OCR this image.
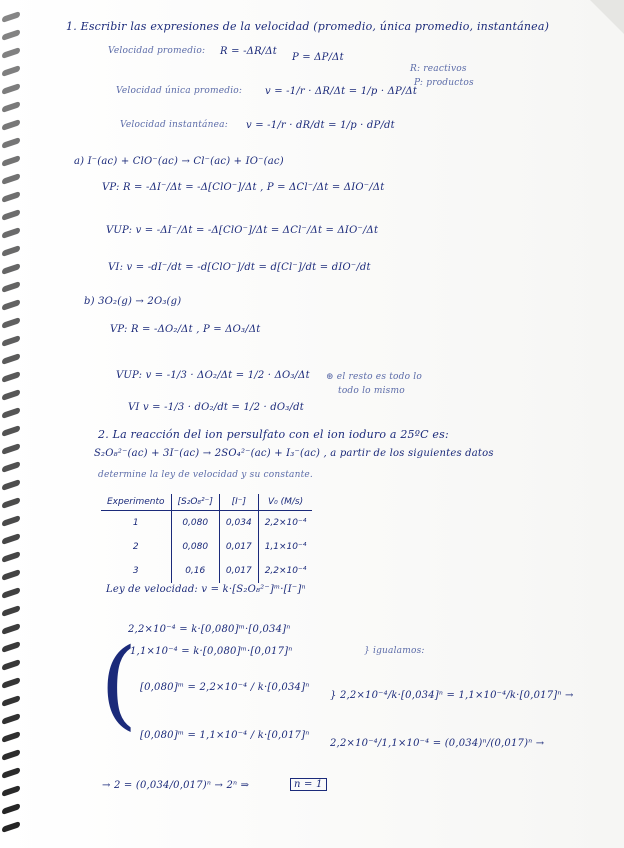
1. Escribir las expresiones de la velocidad (promedio, única promedio, instantánea)
Velocidad promedio: R = -ΔR/Δt
P = ΔP/Δt
R: reactivos
P: productos
Velocidad única promedio: v = -1/r · ΔR/Δt = 1/p · ΔP/Δt
Velocidad instantánea: v = -1/r · dR/dt = 1/p · dP/dt
a) I⁻(ac) + ClO⁻(ac) → Cl⁻(ac) + IO⁻(ac)
VP: R = -ΔI⁻/Δt = -Δ[ClO⁻]/Δt , P = ΔCl⁻/Δt = ΔIO⁻/Δt
VUP: v = -ΔI⁻/Δt = -Δ[ClO⁻]/Δt = ΔCl⁻/Δt = ΔIO⁻/Δt
VI: v = -dI⁻/dt = -d[ClO⁻]/dt = d[Cl⁻]/dt = dIO⁻/dt
b) 3O₂(g) → 2O₃(g)
VP: R = -ΔO₂/Δt , P = ΔO₃/Δt
VUP: v = -1/3 · ΔO₂/Δt = 1/2 · ΔO₃/Δt ⊛ el resto es todo lo
todo lo mismo
VI v = -1/3 · dO₂/dt = 1/2 · dO₃/dt
2. La reacción del ion persulfato con el ion ioduro a 25ºC es:
S₂O₈²⁻(ac) + 3I⁻(ac) → 2SO₄²⁻(ac) + I₃⁻(ac) , a partir de los siguientes datos
determine la ley de velocidad y su constante.
Experimento	[S₂O₈²⁻]	[I⁻]	V₀ (M/s)
1	0,080	0,034	2,2×10⁻⁴
2	0,080	0,017	1,1×10⁻⁴
3	0,16	0,017	2,2×10⁻⁴
Ley de velocidad: v = k·[S₂O₈²⁻]ᵐ·[I⁻]ⁿ
2,2×10⁻⁴ = k·[0,080]ᵐ·[0,034]ⁿ
1,1×10⁻⁴ = k·[0,080]ᵐ·[0,017]ⁿ	} igualamos:
( [0,080]ᵐ = 2,2×10⁻⁴ / k·[0,034]ⁿ
} 2,2×10⁻⁴/k·[0,034]ⁿ = 1,1×10⁻⁴/k·[0,017]ⁿ →
[0,080]ᵐ = 1,1×10⁻⁴ / k·[0,017]ⁿ
2,2×10⁻⁴/1,1×10⁻⁴ = (0,034)ⁿ/(0,017)ⁿ →
→ 2 = (0,034/0,017)ⁿ → 2ⁿ ⇒	n = 1
